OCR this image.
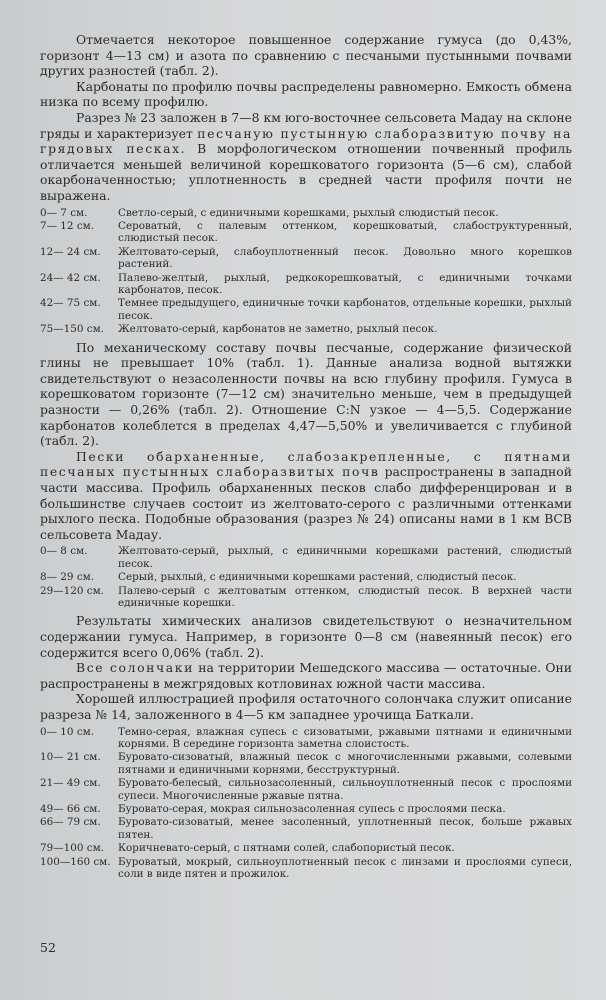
Отмечается некоторое повышенное содержание гумуса (до 0,43%, горизонт 4—13 см) и азота по сравнению с песчаными пустынными почвами других разностей (табл. 2).

Карбонаты по профилю почвы распределены равномерно. Емкость обмена низка по всему профилю.

Разрез № 23 заложен в 7—8 км юго-восточнее сельсовета Мадау на склоне гряды и характеризует песчаную пустынную слаборазвитую почву на грядовых песках. В морфологическом отношении почвенный профиль отличается меньшей величиной корешковатого горизонта (5—6 см), слабой окарбоначенностью; уплотненность в средней части профиля почти не выражена.

0— 7 см.	Светло-серый, с единичными корешками, рыхлый слюдистый песок.
7— 12 см.	Сероватый, с палевым оттенком, корешковатый, слабоструктуренный, слюдистый песок.
12— 24 см.	Желтовато-серый, слабоуплотненный песок. Довольно много корешков растений.
24— 42 см.	Палево-желтый, рыхлый, редкокорешковатый, с единичными точками карбонатов, песок.
42— 75 см.	Темнее предыдущего, единичные точки карбонатов, отдельные корешки, рыхлый песок.
75—150 см.	Желтовато-серый, карбонатов не заметно, рыхлый песок.

По механическому составу почвы песчаные, содержание физической глины не превышает 10% (табл. 1). Данные анализа водной вытяжки свидетельствуют о незасоленности почвы на всю глубину профиля. Гумуса в корешковатом горизонте (7—12 см) значительно меньше, чем в предыдущей разности — 0,26% (табл. 2). Отношение C:N узкое — 4—5,5. Содержание карбонатов колеблется в пределах 4,47—5,50% и увеличивается с глубиной (табл. 2).

Пески обарханенные, слабозакрепленные, с пятнами песчаных пустынных слаборазвитых почв распространены в западной части массива. Профиль обарханенных песков слабо дифференцирован и в большинстве случаев состоит из желтовато-серого с различными оттенками рыхлого песка. Подобные образования (разрез № 24) описаны нами в 1 км ВСВ сельсовета Мадау.

0— 8 см.	Желтовато-серый, рыхлый, с единичными корешками растений, слюдистый песок.
8— 29 см.	Серый, рыхлый, с единичными корешками растений, слюдистый песок.
29—120 см.	Палево-серый с желтоватым оттенком, слюдистый песок. В верхней части единичные корешки.

Результаты химических анализов свидетельствуют о незначительном содержании гумуса. Например, в горизонте 0—8 см (навеянный песок) его содержится всего 0,06% (табл. 2).

Все солончаки на территории Мешедского массива — остаточные. Они распространены в межгрядовых котловинах южной части массива.

Хорошей иллюстрацией профиля остаточного солончака служит описание разреза № 14, заложенного в 4—5 км западнее урочища Баткали.

0— 10 см.	Темно-серая, влажная супесь с сизоватыми, ржавыми пятнами и единичными корнями. В середине горизонта заметна слоистость.
10— 21 см.	Буровато-сизоватый, влажный песок с многочисленными ржавыми, солевыми пятнами и единичными корнями, бесструктурный.
21— 49 см.	Буровато-белесый, сильнозасоленный, сильноуплотненный песок с прослоями супеси. Многочисленные ржавые пятна.
49— 66 см.	Буровато-серая, мокрая сильнозасоленная супесь с прослоями песка.
66— 79 см.	Буровато-сизоватый, менее засоленный, уплотненный песок, больше ржавых пятен.
79—100 см.	Коричневато-серый, с пятнами солей, слабопористый песок.
100—160 см. Буроватый, мокрый, сильноуплотненный песок с линзами и прослоями супеси, соли в виде пятен и прожилок.
52
